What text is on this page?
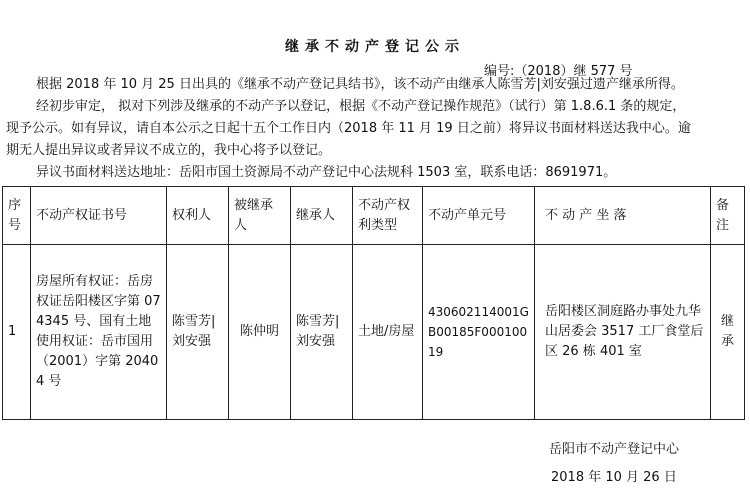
继承不动产登记公示
编号:（2018）继 577 号
根据 2018 年 10 月 25 日出具的《继承不动产登记具结书》，该不动产由继承人陈雪芳|刘安强过遗产继承所得。
经初步审定， 拟对下列涉及继承的不动产予以登记，根据《不动产登记操作规范》（试行）第 1.8.6.1 条的规定，
现予公示。如有异议，请自本公示之日起十五个工作日内（2018 年 11 月 19 日之前）将异议书面材料送达我中心。逾
期无人提出异议或者异议不成立的，我中心将予以登记。
异议书面材料送达地址：岳阳市国土资源局不动产登记中心法规科 1503 室，联系电话：8691971。
序号	不动产权证书号	权利人	被继承人	继承人	不动产权利类型	不动产单元号	不 动 产 坐 落	备注
1	房屋所有权证：岳房权证岳阳楼区字第 074345 号、国有土地使用权证：岳市国用（2001）字第 20404 号	陈雪芳|刘安强	陈仲明	陈雪芳|刘安强	土地/房屋	430602114001GB00185F00010019	岳阳楼区洞庭路办事处九华山居委会 3517 工厂食堂后区 26 栋 401 室	继承
岳阳市不动产登记中心
2018 年 10 月 26 日
